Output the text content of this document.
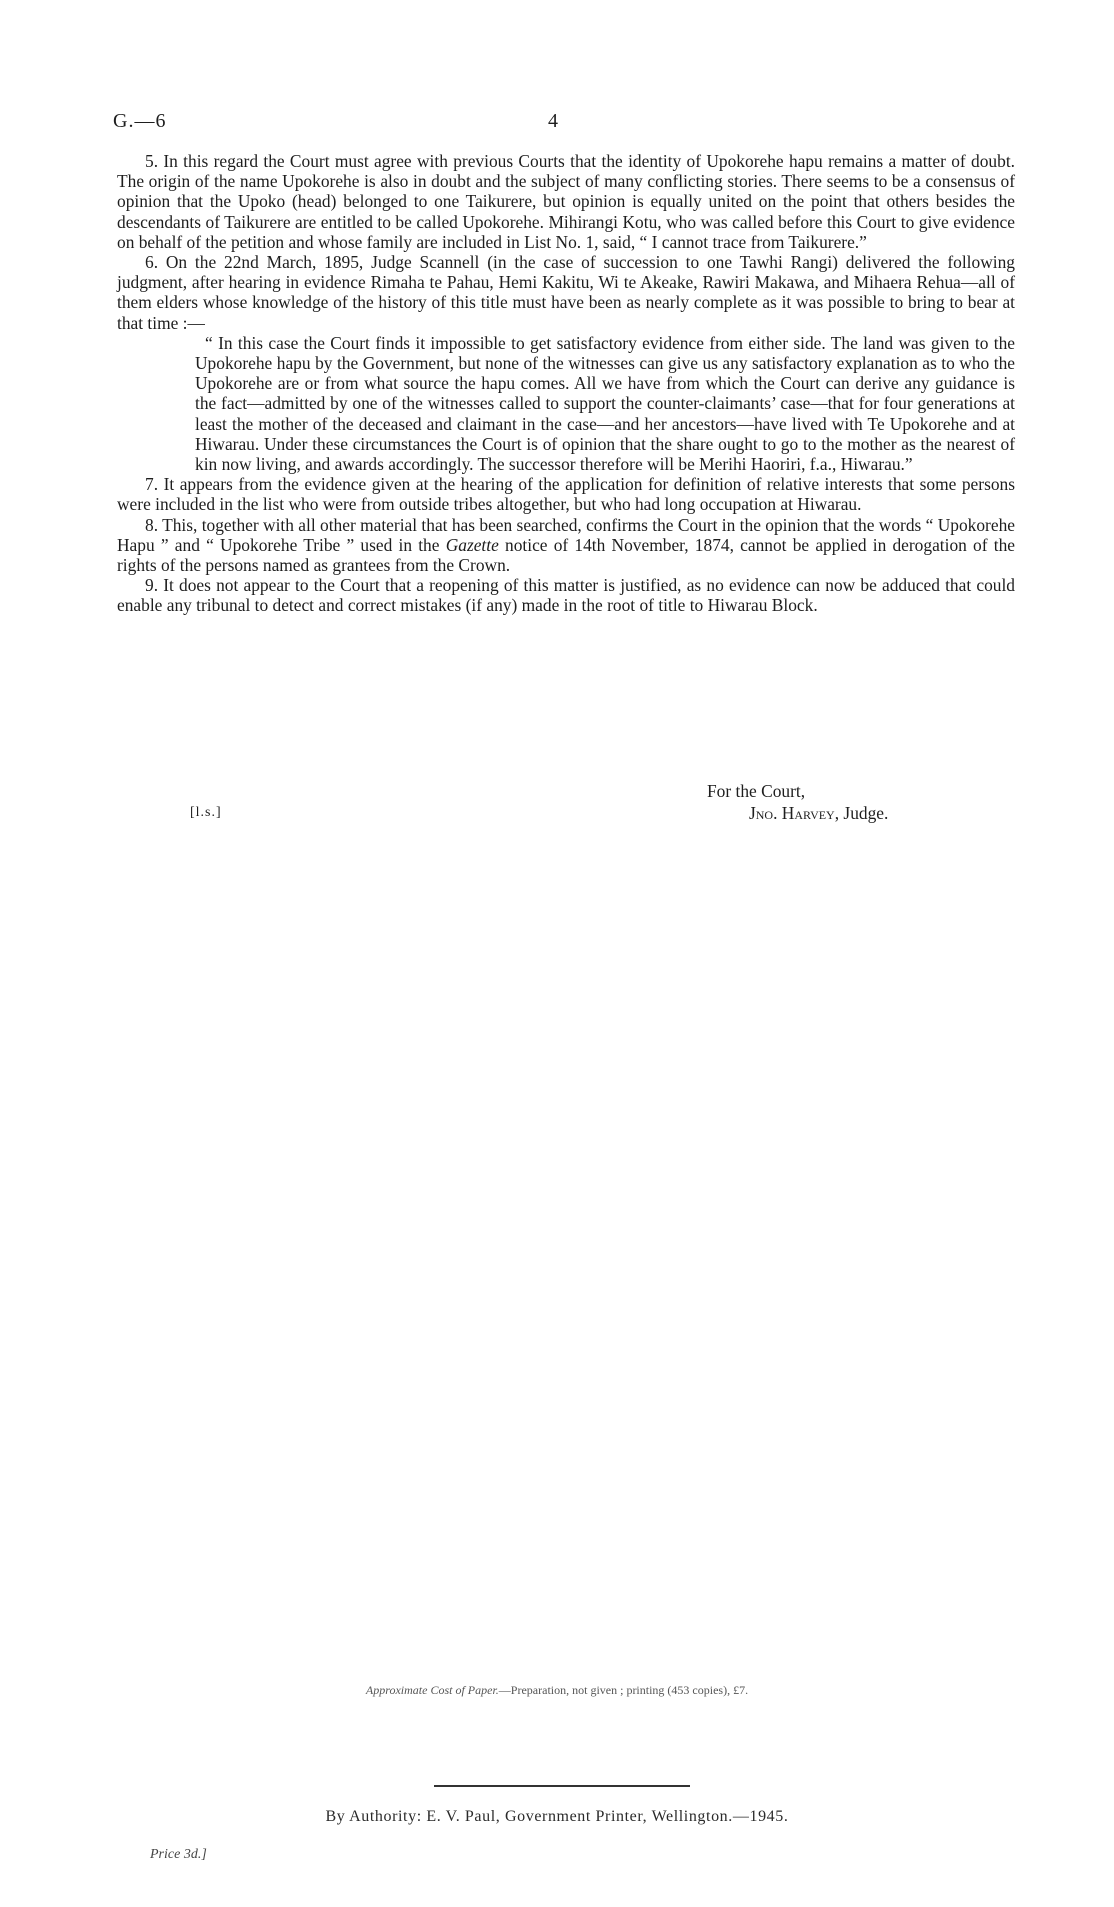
G.—6	4

5. In this regard the Court must agree with previous Courts that the identity of Upokorehe hapu remains a matter of doubt. The origin of the name Upokorehe is also in doubt and the subject of many conflicting stories. There seems to be a consensus of opinion that the Upoko (head) belonged to one Taikurere, but opinion is equally united on the point that others besides the descendants of Taikurere are entitled to be called Upokorehe. Mihirangi Kotu, who was called before this Court to give evidence on behalf of the petition and whose family are included in List No. 1, said, “ I cannot trace from Taikurere.”

6. On the 22nd March, 1895, Judge Scannell (in the case of succession to one Tawhi Rangi) delivered the following judgment, after hearing in evidence Rimaha te Pahau, Hemi Kakitu, Wi te Akeake, Rawiri Makawa, and Mihaera Rehua—all of them elders whose knowledge of the history of this title must have been as nearly complete as it was possible to bring to bear at that time :—

“ In this case the Court finds it impossible to get satisfactory evidence from either side. The land was given to the Upokorehe hapu by the Government, but none of the witnesses can give us any satisfactory explanation as to who the Upokorehe are or from what source the hapu comes. All we have from which the Court can derive any guidance is the fact—admitted by one of the witnesses called to support the counter-claimants’ case—that for four generations at least the mother of the deceased and claimant in the case—and her ancestors—have lived with Te Upokorehe and at Hiwarau. Under these circumstances the Court is of opinion that the share ought to go to the mother as the nearest of kin now living, and awards accordingly. The successor therefore will be Merihi Haoriri, f.a., Hiwarau.”

7. It appears from the evidence given at the hearing of the application for definition of relative interests that some persons were included in the list who were from outside tribes altogether, but who had long occupation at Hiwarau.

8. This, together with all other material that has been searched, confirms the Court in the opinion that the words “ Upokorehe Hapu ” and “ Upokorehe Tribe ” used in the Gazette notice of 14th November, 1874, cannot be applied in derogation of the rights of the persons named as grantees from the Crown.

9. It does not appear to the Court that a reopening of this matter is justified, as no evidence can now be adduced that could enable any tribunal to detect and correct mistakes (if any) made in the root of title to Hiwarau Block.

For the Court,
[l.s.]	Jno. Harvey, Judge.
Approximate Cost of Paper.—Preparation, not given ; printing (453 copies), £7.
By Authority: E. V. Paul, Government Printer, Wellington.—1945.
Price 3d.]
